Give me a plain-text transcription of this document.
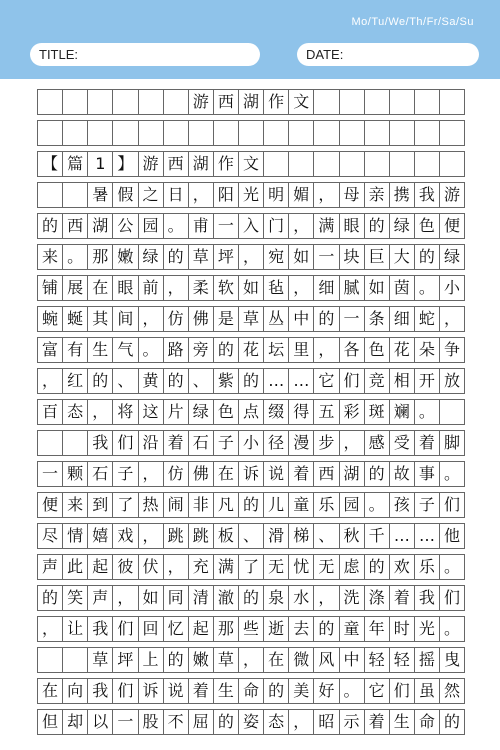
Mo/Tu/We/Th/Fr/Sa/Su
TITLE:	DATE:
游 西 湖 作 文
【 篇 1 】 游 西 湖 作 文
暑 假 之 日 ， 阳 光 明 媚 ， 母 亲 携 我 游
的 西 湖 公 园 。 甫 一 入 门 ， 满 眼 的 绿 色 便
来 。 那 嫩 绿 的 草 坪 ， 宛 如 一 块 巨 大 的 绿
铺 展 在 眼 前 ， 柔 软 如 毡 ， 细 腻 如 茵 。 小
蜿 蜒 其 间 ， 仿 佛 是 草 丛 中 的 一 条 细 蛇 ，
富 有 生 气 。 路 旁 的 花 坛 里 ， 各 色 花 朵 争
， 红 的 、 黄 的 、 紫 的 … … 它 们 竞 相 开 放
百 态 ， 将 这 片 绿 色 点 缀 得 五 彩 斑 斓 。
我 们 沿 着 石 子 小 径 漫 步 ， 感 受 着 脚
一 颗 石 子 ， 仿 佛 在 诉 说 着 西 湖 的 故 事 。
便 来 到 了 热 闹 非 凡 的 儿 童 乐 园 。 孩 子 们
尽 情 嬉 戏 ， 跳 跳 板 、 滑 梯 、 秋 千 … … 他
声 此 起 彼 伏 ， 充 满 了 无 忧 无 虑 的 欢 乐 。
的 笑 声 ， 如 同 清 澈 的 泉 水 ， 洗 涤 着 我 们
， 让 我 们 回 忆 起 那 些 逝 去 的 童 年 时 光 。
草 坪 上 的 嫩 草 ， 在 微 风 中 轻 轻 摇 曳
在 向 我 们 诉 说 着 生 命 的 美 好 。 它 们 虽 然
但 却 以 一 股 不 屈 的 姿 态 ， 昭 示 着 生 命 的
